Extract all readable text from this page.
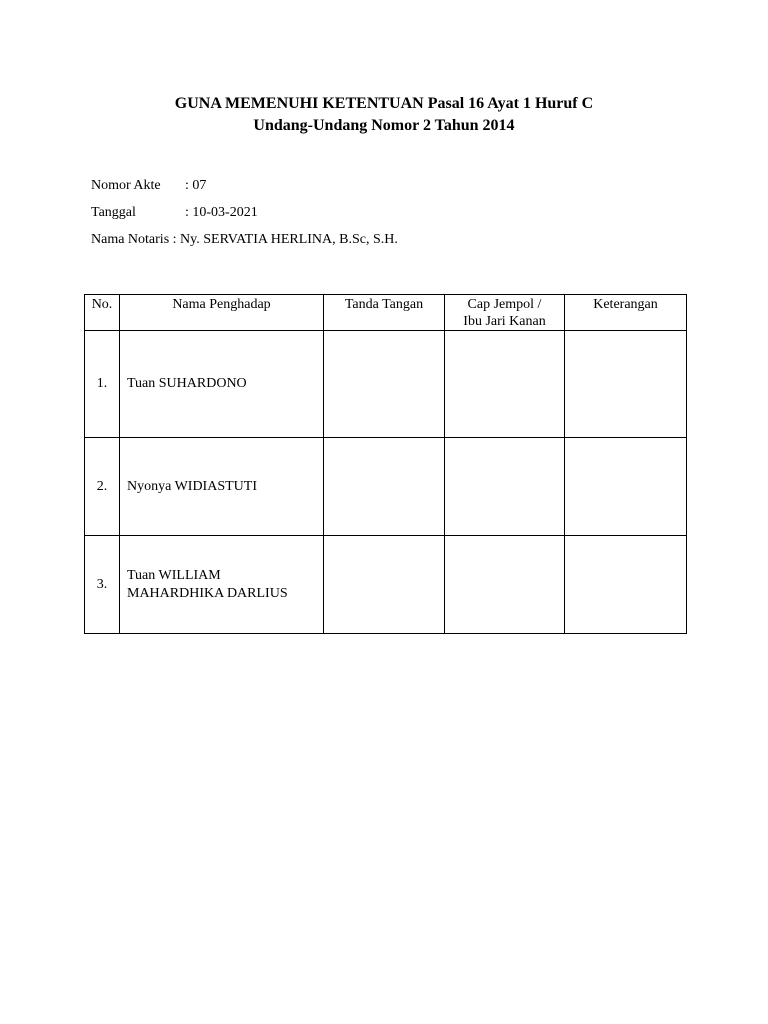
GUNA MEMENUHI KETENTUAN Pasal 16 Ayat 1 Huruf C
Undang-Undang Nomor 2 Tahun 2014
Nomor Akte : 07
Tanggal	: 10-03-2021
Nama Notaris : Ny. SERVATIA HERLINA, B.Sc, S.H.
No.	Nama Penghadap	Tanda Tangan	Cap Jempol /
Ibu Jari Kanan	Keterangan
1.	Tuan SUHARDONO			
2.	Nyonya WIDIASTUTI			
3.	Tuan WILLIAM
MAHARDHIKA DARLIUS			
